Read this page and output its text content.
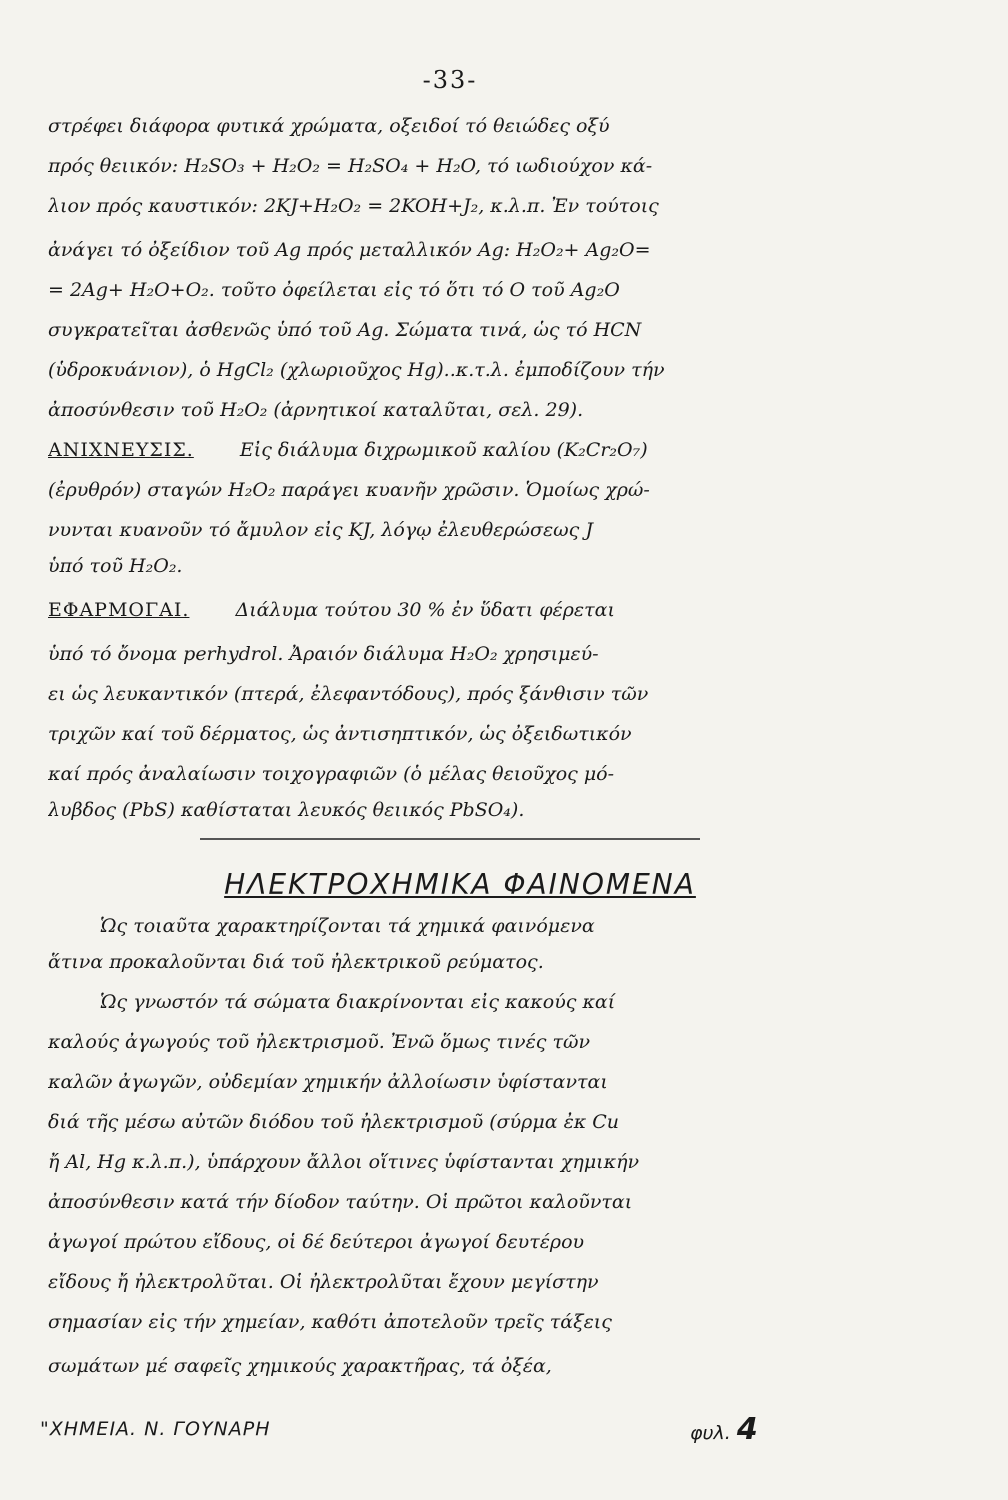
-33-
στρέφει διάφορα φυτικά χρώματα, οξειδοί τό θειώδες οξύ
πρός θειικόν: H₂SO₃ + H₂O₂ = H₂SO₄ + H₂O, τό ιωδιούχον κά-
λιον πρός καυστικόν: 2KJ+H₂O₂ = 2KOH+J₂, κ.λ.π. Ἐν τούτοις
ἀνάγει τό ὀξείδιον τοῦ Ag πρός μεταλλικόν Ag: H₂O₂+ Ag₂O=
= 2Ag+ H₂O+O₂. τοῦτο ὀφείλεται εἰς τό ὅτι τό O τοῦ Ag₂O
συγκρατεῖται ἀσθενῶς ὑπό τοῦ Ag. Σώματα τινά, ὡς τό HCN
(ὑδροκυάνιον), ὁ HgCl₂ (χλωριοῦχος Hg)..κ.τ.λ. ἐμποδίζουν τήν
ἀποσύνθεσιν τοῦ H₂O₂ (ἀρνητικοί καταλῦται, σελ. 29).
ΑΝΙΧΝΕΥΣΙΣ. Εἰς διάλυμα διχρωμικοῦ καλίου (K₂Cr₂O₇)
(ἐρυθρόν) σταγών H₂O₂ παράγει κυανῆν χρῶσιν. Ὁμοίως χρώ-
νυνται κυανοῦν τό ἄμυλον εἰς KJ, λόγῳ ἐλευθερώσεως J
ὑπό τοῦ H₂O₂.
ΕΦΑΡΜΟΓΑΙ. Διάλυμα τούτου 30 % ἐν ὕδατι φέρεται
ὑπό τό ὄνομα perhydrol. Ἀραιόν διάλυμα H₂O₂ χρησιμεύ-
ει ὡς λευκαντικόν (πτερά, ἐλεφαντόδους), πρός ξάνθισιν τῶν
τριχῶν καί τοῦ δέρματος, ὡς ἀντισηπτικόν, ὡς ὀξειδωτικόν
καί πρός ἀναλαίωσιν τοιχογραφιῶν (ὁ μέλας θειοῦχος μό-
λυβδος (PbS) καθίσταται λευκός θειικός PbSO₄).
ΗΛΕΚΤΡΟΧΗΜΙΚΑ ΦΑΙΝΟΜΕΝΑ
Ὡς τοιαῦτα χαρακτηρίζονται τά χημικά φαινόμενα
ἅτινα προκαλοῦνται διά τοῦ ἠλεκτρικοῦ ρεύματος.
Ὡς γνωστόν τά σώματα διακρίνονται εἰς κακούς καί
καλούς ἀγωγούς τοῦ ἠλεκτρισμοῦ. Ἐνῶ ὅμως τινές τῶν
καλῶν ἀγωγῶν, οὐδεμίαν χημικήν ἀλλοίωσιν ὑφίστανται
διά τῆς μέσω αὐτῶν διόδου τοῦ ἠλεκτρισμοῦ (σύρμα ἐκ Cu
ἤ Al, Hg κ.λ.π.), ὑπάρχουν ἄλλοι οἵτινες ὑφίστανται χημικήν
ἀποσύνθεσιν κατά τήν δίοδον ταύτην. Οἱ πρῶτοι καλοῦνται
ἀγωγοί πρώτου εἴδους, οἱ δέ δεύτεροι ἀγωγοί δευτέρου
εἴδους ἤ ἠλεκτρολῦται. Οἱ ἠλεκτρολῦται ἔχουν μεγίστην
σημασίαν εἰς τήν χημείαν, καθότι ἀποτελοῦν τρεῖς τάξεις
σωμάτων μέ σαφεῖς χημικούς χαρακτῆρας, τά ὀξέα,
"ΧΗΜΕΙΑ. Ν. ΓΟΥΝΑΡΗ	φυλ. 4
